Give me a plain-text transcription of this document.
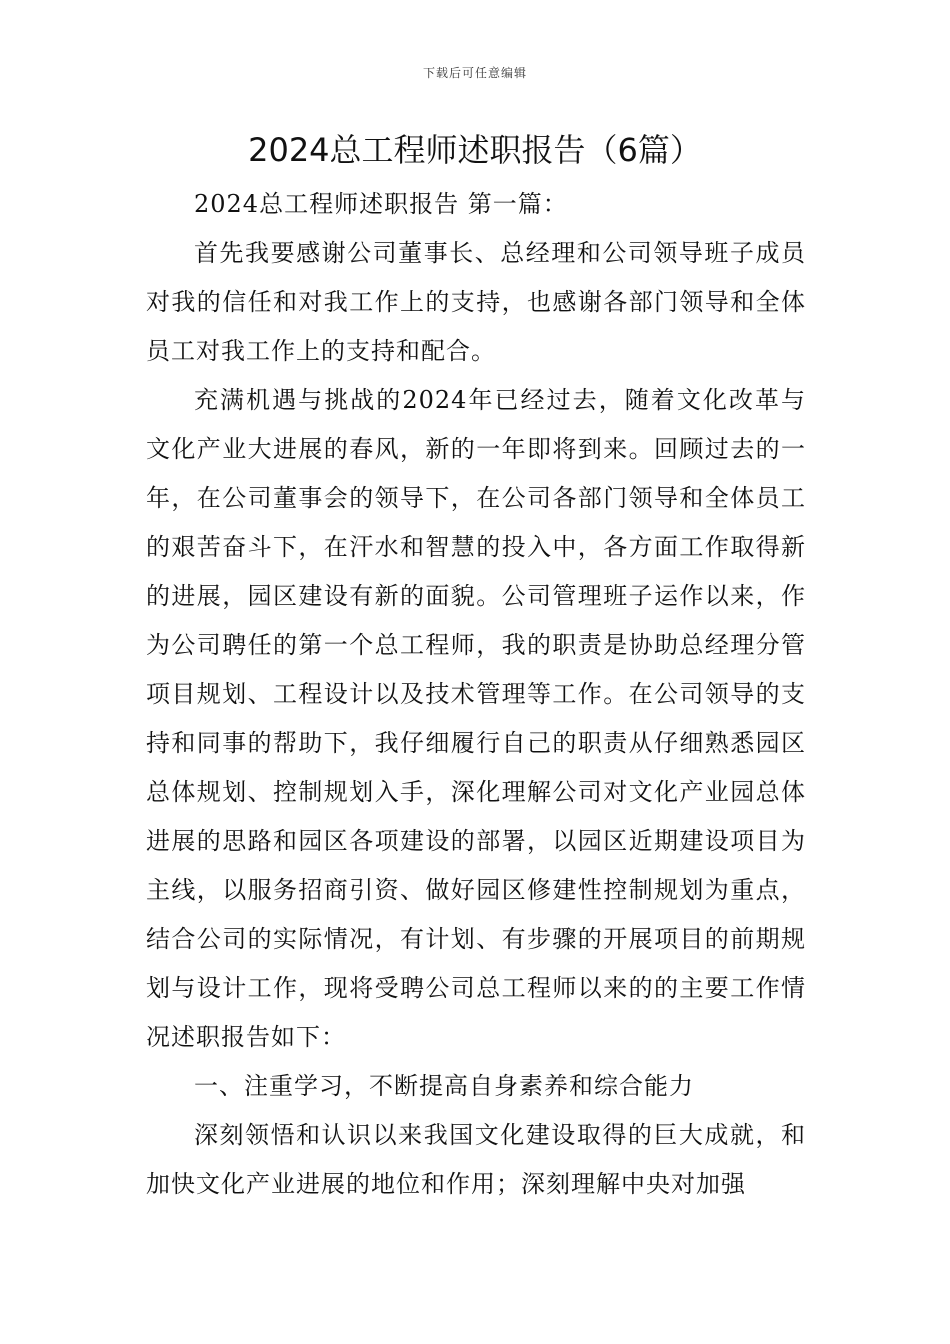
下载后可任意编辑
2024总工程师述职报告（6篇）

2024总工程师述职报告 第一篇：

首先我要感谢公司董事长、总经理和公司领导班子成员对我的信任和对我工作上的支持，也感谢各部门领导和全体员工对我工作上的支持和配合。

充满机遇与挑战的2024年已经过去，随着文化改革与文化产业大进展的春风，新的一年即将到来。回顾过去的一年，在公司董事会的领导下，在公司各部门领导和全体员工的艰苦奋斗下，在汗水和智慧的投入中，各方面工作取得新的进展，园区建设有新的面貌。公司管理班子运作以来，作为公司聘任的第一个总工程师，我的职责是协助总经理分管项目规划、工程设计以及技术管理等工作。在公司领导的支持和同事的帮助下，我仔细履行自己的职责从仔细熟悉园区总体规划、控制规划入手，深化理解公司对文化产业园总体进展的思路和园区各项建设的部署，以园区近期建设项目为主线，以服务招商引资、做好园区修建性控制规划为重点，结合公司的实际情况，有计划、有步骤的开展项目的前期规划与设计工作，现将受聘公司总工程师以来的的主要工作情况述职报告如下：

一、注重学习，不断提高自身素养和综合能力

深刻领悟和认识以来我国文化建设取得的巨大成就，和加快文化产业进展的地位和作用；深刻理解中央对加强
